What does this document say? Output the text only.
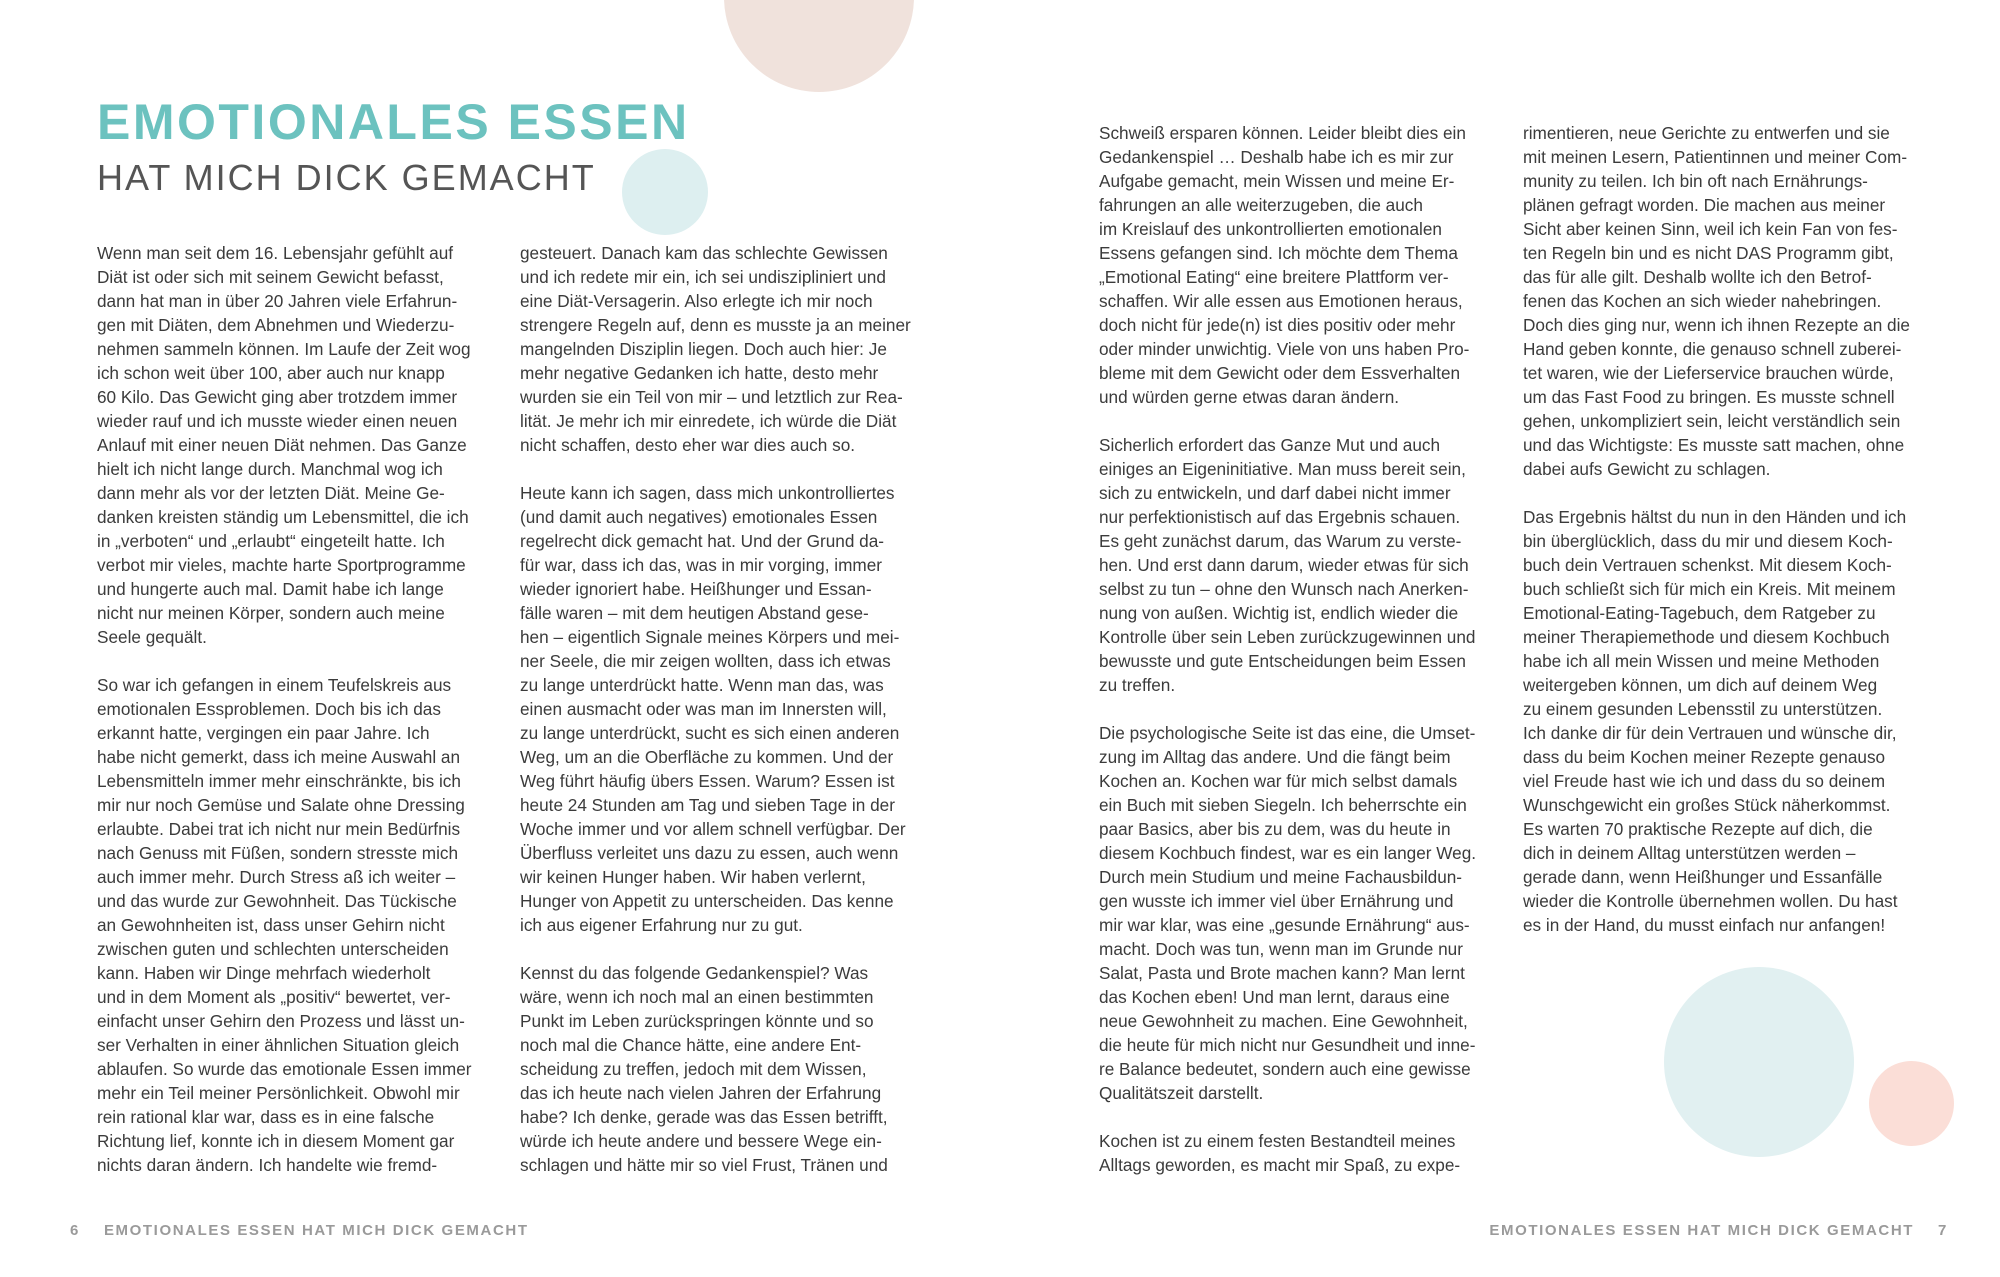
EMOTIONALES ESSEN
HAT MICH DICK GEMACHT

Wenn man seit dem 16. Lebensjahr gefühlt auf
Diät ist oder sich mit seinem Gewicht befasst,
dann hat man in über 20 Jahren viele Erfahrun-
gen mit Diäten, dem Abnehmen und Wiederzu-
nehmen sammeln können. Im Laufe der Zeit wog
ich schon weit über 100, aber auch nur knapp
60 Kilo. Das Gewicht ging aber trotzdem immer
wieder rauf und ich musste wieder einen neuen
Anlauf mit einer neuen Diät nehmen. Das Ganze
hielt ich nicht lange durch. Manchmal wog ich
dann mehr als vor der letzten Diät. Meine Ge-
danken kreisten ständig um Lebensmittel, die ich
in „verboten“ und „erlaubt“ eingeteilt hatte. Ich
verbot mir vieles, machte harte Sportprogramme
und hungerte auch mal. Damit habe ich lange
nicht nur meinen Körper, sondern auch meine
Seele gequält.

So war ich gefangen in einem Teufelskreis aus
emotionalen Essproblemen. Doch bis ich das
erkannt hatte, vergingen ein paar Jahre. Ich
habe nicht gemerkt, dass ich meine Auswahl an
Lebensmitteln immer mehr einschränkte, bis ich
mir nur noch Gemüse und Salate ohne Dressing
erlaubte. Dabei trat ich nicht nur mein Bedürfnis
nach Genuss mit Füßen, sondern stresste mich
auch immer mehr. Durch Stress aß ich weiter –
und das wurde zur Gewohnheit. Das Tückische
an Gewohnheiten ist, dass unser Gehirn nicht
zwischen guten und schlechten unterscheiden
kann. Haben wir Dinge mehrfach wiederholt
und in dem Moment als „positiv“ bewertet, ver-
einfacht unser Gehirn den Prozess und lässt un-
ser Verhalten in einer ähnlichen Situation gleich
ablaufen. So wurde das emotionale Essen immer
mehr ein Teil meiner Persönlichkeit. Obwohl mir
rein rational klar war, dass es in eine falsche
Richtung lief, konnte ich in diesem Moment gar
nichts daran ändern. Ich handelte wie fremd-

gesteuert. Danach kam das schlechte Gewissen
und ich redete mir ein, ich sei undiszipliniert und
eine Diät-Versagerin. Also erlegte ich mir noch
strengere Regeln auf, denn es musste ja an meiner
mangelnden Disziplin liegen. Doch auch hier: Je
mehr negative Gedanken ich hatte, desto mehr
wurden sie ein Teil von mir – und letztlich zur Rea-
lität. Je mehr ich mir einredete, ich würde die Diät
nicht schaffen, desto eher war dies auch so.

Heute kann ich sagen, dass mich unkontrolliertes
(und damit auch negatives) emotionales Essen
regelrecht dick gemacht hat. Und der Grund da-
für war, dass ich das, was in mir vorging, immer
wieder ignoriert habe. Heißhunger und Essan-
fälle waren – mit dem heutigen Abstand gese-
hen – eigentlich Signale meines Körpers und mei-
ner Seele, die mir zeigen wollten, dass ich etwas
zu lange unterdrückt hatte. Wenn man das, was
einen ausmacht oder was man im Innersten will,
zu lange unterdrückt, sucht es sich einen anderen
Weg, um an die Oberfläche zu kommen. Und der
Weg führt häufig übers Essen. Warum? Essen ist
heute 24 Stunden am Tag und sieben Tage in der
Woche immer und vor allem schnell verfügbar. Der
Überfluss verleitet uns dazu zu essen, auch wenn
wir keinen Hunger haben. Wir haben verlernt,
Hunger von Appetit zu unterscheiden. Das kenne
ich aus eigener Erfahrung nur zu gut.

Kennst du das folgende Gedankenspiel? Was
wäre, wenn ich noch mal an einen bestimmten
Punkt im Leben zurückspringen könnte und so
noch mal die Chance hätte, eine andere Ent-
scheidung zu treffen, jedoch mit dem Wissen,
das ich heute nach vielen Jahren der Erfahrung
habe? Ich denke, gerade was das Essen betrifft,
würde ich heute andere und bessere Wege ein-
schlagen und hätte mir so viel Frust, Tränen und

Schweiß ersparen können. Leider bleibt dies ein
Gedankenspiel … Deshalb habe ich es mir zur
Aufgabe gemacht, mein Wissen und meine Er-
fahrungen an alle weiterzugeben, die auch
im Kreislauf des unkontrollierten emotionalen
Essens gefangen sind. Ich möchte dem Thema
„Emotional Eating“ eine breitere Plattform ver-
schaffen. Wir alle essen aus Emotionen heraus,
doch nicht für jede(n) ist dies positiv oder mehr
oder minder unwichtig. Viele von uns haben Pro-
bleme mit dem Gewicht oder dem Essverhalten
und würden gerne etwas daran ändern.

Sicherlich erfordert das Ganze Mut und auch
einiges an Eigeninitiative. Man muss bereit sein,
sich zu entwickeln, und darf dabei nicht immer
nur perfektionistisch auf das Ergebnis schauen.
Es geht zunächst darum, das Warum zu verste-
hen. Und erst dann darum, wieder etwas für sich
selbst zu tun – ohne den Wunsch nach Anerken-
nung von außen. Wichtig ist, endlich wieder die
Kontrolle über sein Leben zurückzugewinnen und
bewusste und gute Entscheidungen beim Essen
zu treffen.

Die psychologische Seite ist das eine, die Umset-
zung im Alltag das andere. Und die fängt beim
Kochen an. Kochen war für mich selbst damals
ein Buch mit sieben Siegeln. Ich beherrschte ein
paar Basics, aber bis zu dem, was du heute in
diesem Kochbuch findest, war es ein langer Weg.
Durch mein Studium und meine Fachausbildun-
gen wusste ich immer viel über Ernährung und
mir war klar, was eine „gesunde Ernährung“ aus-
macht. Doch was tun, wenn man im Grunde nur
Salat, Pasta und Brote machen kann? Man lernt
das Kochen eben! Und man lernt, daraus eine
neue Gewohnheit zu machen. Eine Gewohnheit,
die heute für mich nicht nur Gesundheit und inne-
re Balance bedeutet, sondern auch eine gewisse
Qualitätszeit darstellt.

Kochen ist zu einem festen Bestandteil meines
Alltags geworden, es macht mir Spaß, zu expe-

rimentieren, neue Gerichte zu entwerfen und sie
mit meinen Lesern, Patientinnen und meiner Com-
munity zu teilen. Ich bin oft nach Ernährungs-
plänen gefragt worden. Die machen aus meiner
Sicht aber keinen Sinn, weil ich kein Fan von fes-
ten Regeln bin und es nicht DAS Programm gibt,
das für alle gilt. Deshalb wollte ich den Betrof-
fenen das Kochen an sich wieder nahebringen.
Doch dies ging nur, wenn ich ihnen Rezepte an die
Hand geben konnte, die genauso schnell zuberei-
tet waren, wie der Lieferservice brauchen würde,
um das Fast Food zu bringen. Es musste schnell
gehen, unkompliziert sein, leicht verständlich sein
und das Wichtigste: Es musste satt machen, ohne
dabei aufs Gewicht zu schlagen.

Das Ergebnis hältst du nun in den Händen und ich
bin überglücklich, dass du mir und diesem Koch-
buch dein Vertrauen schenkst. Mit diesem Koch-
buch schließt sich für mich ein Kreis. Mit meinem
Emotional-Eating-Tagebuch, dem Ratgeber zu
meiner Therapiemethode und diesem Kochbuch
habe ich all mein Wissen und meine Methoden
weitergeben können, um dich auf deinem Weg
zu einem gesunden Lebensstil zu unterstützen.
Ich danke dir für dein Vertrauen und wünsche dir,
dass du beim Kochen meiner Rezepte genauso
viel Freude hast wie ich und dass du so deinem
Wunschgewicht ein großes Stück näherkommst.
Es warten 70 praktische Rezepte auf dich, die
dich in deinem Alltag unterstützen werden –
gerade dann, wenn Heißhunger und Essanfälle
wieder die Kontrolle übernehmen wollen. Du hast
es in der Hand, du musst einfach nur anfangen!

6 EMOTIONALES ESSEN HAT MICH DICK GEMACHT	EMOTIONALES ESSEN HAT MICH DICK GEMACHT 7
